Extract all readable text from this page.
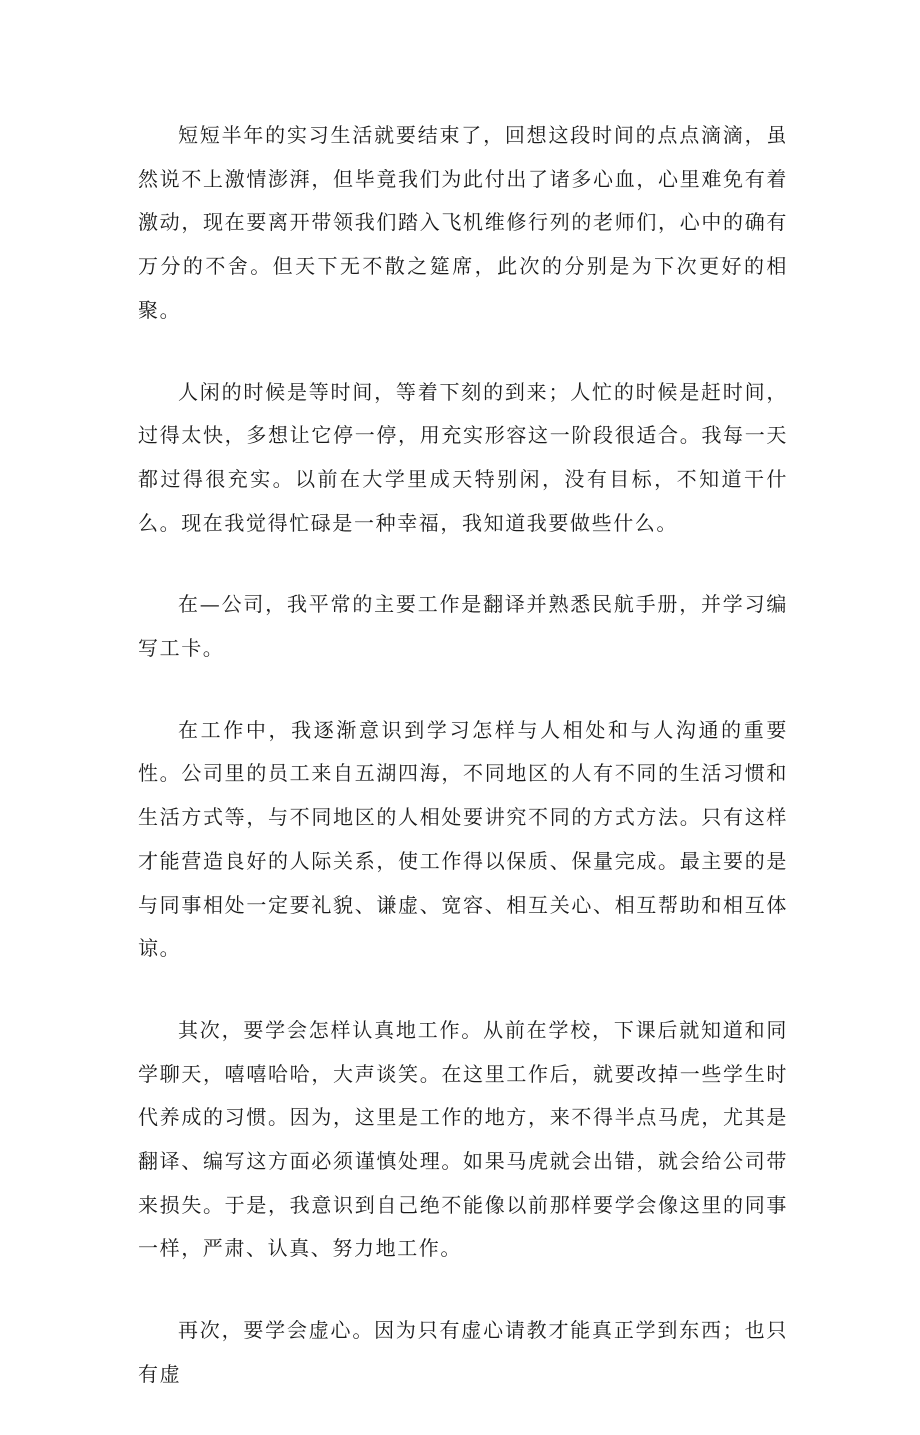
短短半年的实习生活就要结束了，回想这段时间的点点滴滴，虽然说不上激情澎湃，但毕竟我们为此付出了诸多心血，心里难免有着激动，现在要离开带领我们踏入飞机维修行列的老师们，心中的确有万分的不舍。但天下无不散之筵席，此次的分别是为下次更好的相聚。

人闲的时候是等时间，等着下刻的到来；人忙的时候是赶时间，过得太快，多想让它停一停，用充实形容这一阶段很适合。我每一天都过得很充实。以前在大学里成天特别闲，没有目标，不知道干什么。现在我觉得忙碌是一种幸福，我知道我要做些什么。

在—公司，我平常的主要工作是翻译并熟悉民航手册，并学习编写工卡。

在工作中，我逐渐意识到学习怎样与人相处和与人沟通的重要性。公司里的员工来自五湖四海，不同地区的人有不同的生活习惯和生活方式等，与不同地区的人相处要讲究不同的方式方法。只有这样才能营造良好的人际关系，使工作得以保质、保量完成。最主要的是与同事相处一定要礼貌、谦虚、宽容、相互关心、相互帮助和相互体谅。

其次，要学会怎样认真地工作。从前在学校，下课后就知道和同学聊天，嘻嘻哈哈，大声谈笑。在这里工作后，就要改掉一些学生时代养成的习惯。因为，这里是工作的地方，来不得半点马虎，尤其是翻译、编写这方面必须谨慎处理。如果马虎就会出错，就会给公司带来损失。于是，我意识到自己绝不能像以前那样要学会像这里的同事一样，严肃、认真、努力地工作。

再次，要学会虚心。因为只有虚心请教才能真正学到东西；也只有虚
